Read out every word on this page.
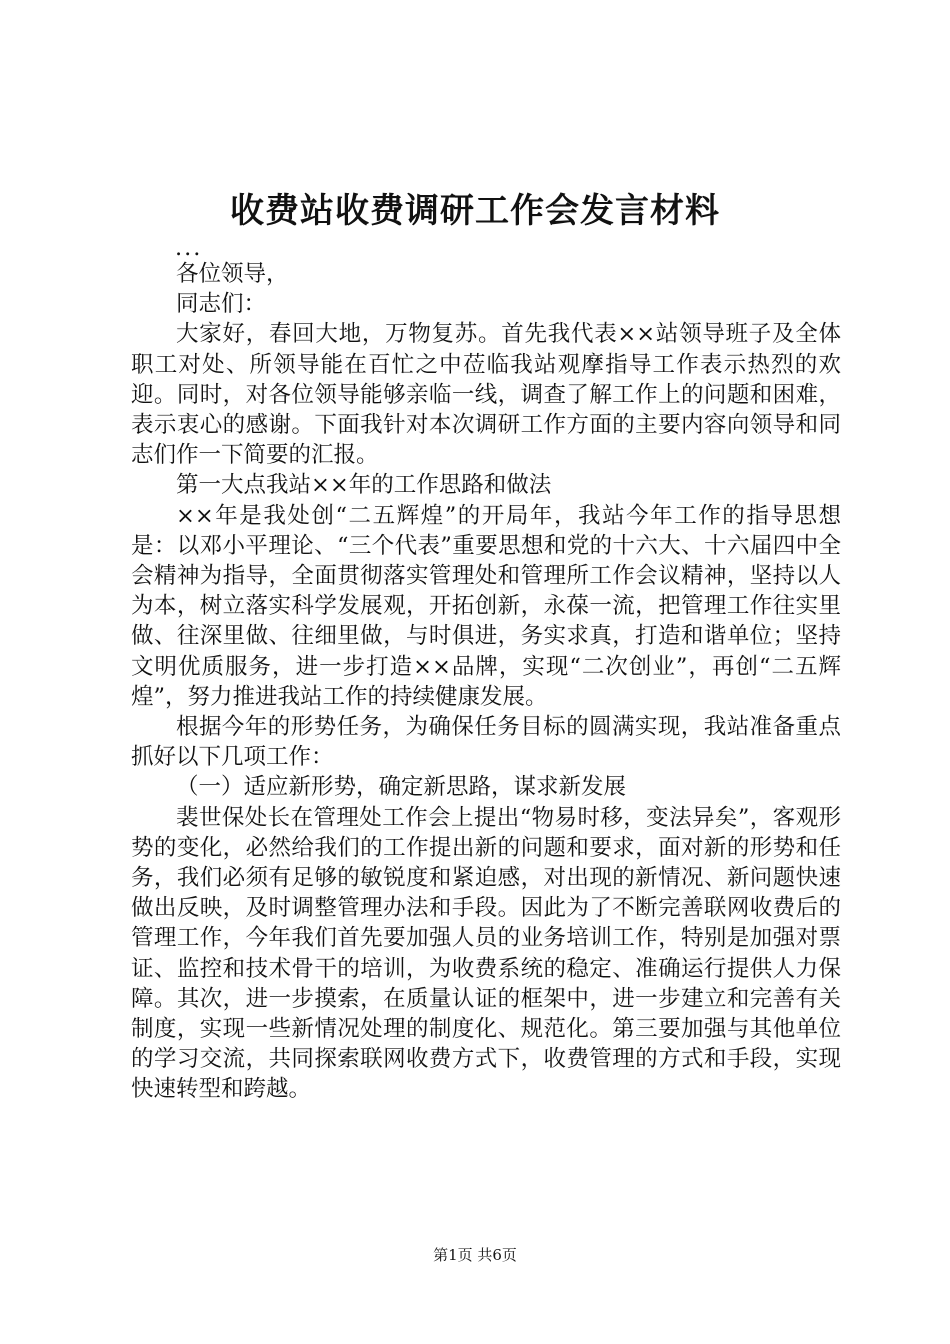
收费站收费调研工作会发言材料

...

各位领导，

同志们：

大家好，春回大地，万物复苏。首先我代表××站领导班子及全体职工对处、所领导能在百忙之中莅临我站观摩指导工作表示热烈的欢迎。同时，对各位领导能够亲临一线，调查了解工作上的问题和困难，表示衷心的感谢。下面我针对本次调研工作方面的主要内容向领导和同志们作一下简要的汇报。

第一大点我站××年的工作思路和做法

××年是我处创“二五辉煌”的开局年，我站今年工作的指导思想是：以邓小平理论、“三个代表”重要思想和党的十六大、十六届四中全会精神为指导，全面贯彻落实管理处和管理所工作会议精神，坚持以人为本，树立落实科学发展观，开拓创新，永葆一流，把管理工作往实里做、往深里做、往细里做，与时俱进，务实求真，打造和谐单位；坚持文明优质服务，进一步打造××品牌，实现“二次创业”，再创“二五辉煌”，努力推进我站工作的持续健康发展。

根据今年的形势任务，为确保任务目标的圆满实现，我站准备重点抓好以下几项工作：

（一）适应新形势，确定新思路，谋求新发展

裴世保处长在管理处工作会上提出“物易时移，变法异矣”，客观形势的变化，必然给我们的工作提出新的问题和要求，面对新的形势和任务，我们必须有足够的敏锐度和紧迫感，对出现的新情况、新问题快速做出反映，及时调整管理办法和手段。因此为了不断完善联网收费后的管理工作，今年我们首先要加强人员的业务培训工作，特别是加强对票证、监控和技术骨干的培训，为收费系统的稳定、准确运行提供人力保障。其次，进一步摸索，在质量认证的框架中，进一步建立和完善有关制度，实现一些新情况处理的制度化、规范化。第三要加强与其他单位的学习交流，共同探索联网收费方式下，收费管理的方式和手段，实现快速转型和跨越。

第1页 共6页
